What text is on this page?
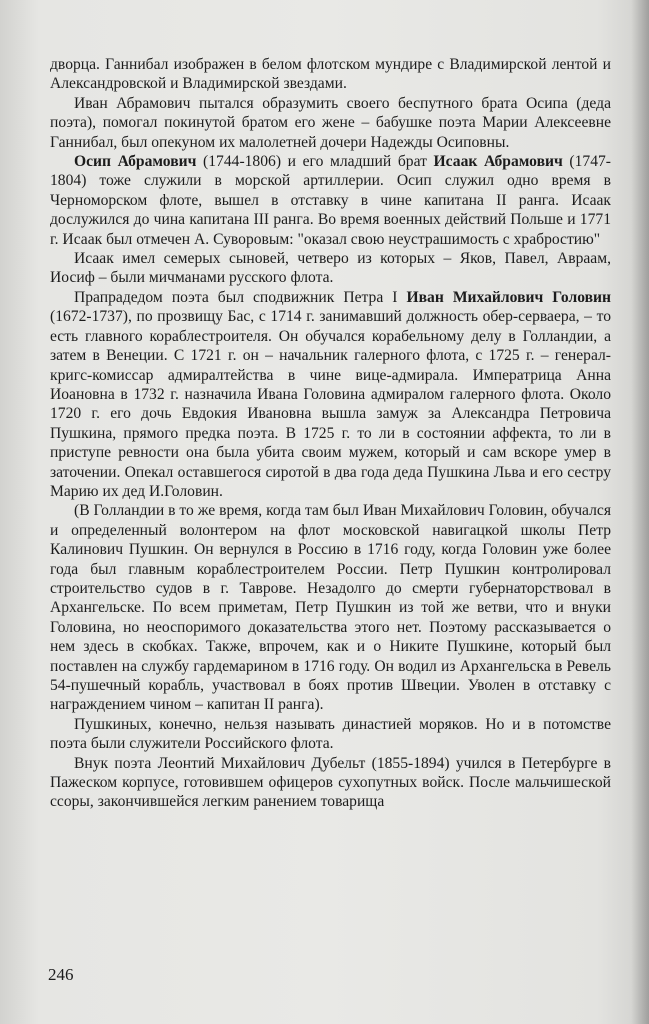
дворца. Ганнибал изображен в белом флотском мундире с Владимирской лентой и Александровской и Владимирской звездами.

Иван Абрамович пытался образумить своего беспутного брата Осипа (деда поэта), помогал покинутой братом его жене – бабушке поэта Марии Алексеевне Ганнибал, был опекуном их малолетней дочери Надежды Осиповны.

Осип Абрамович (1744-1806) и его младший брат Исаак Абрамович (1747-1804) тоже служили в морской артиллерии. Осип служил одно время в Черноморском флоте, вышел в отставку в чине капитана II ранга. Исаак дослужился до чина капитана III ранга. Во время военных действий Польше и 1771 г. Исаак был отмечен А. Суворовым: "оказал свою неустрашимость с храбростию"

Исаак имел семерых сыновей, четверо из которых – Яков, Павел, Авраам, Иосиф – были мичманами русского флота.

Прапрадедом поэта был сподвижник Петра I Иван Михайлович Головин (1672-1737), по прозвищу Бас, с 1714 г. занимавший должность обер-серваера, – то есть главного кораблестроителя. Он обучался корабельному делу в Голландии, а затем в Венеции. С 1721 г. он – начальник галерного флота, с 1725 г. – генерал-кригс-комиссар адмиралтейства в чине вице-адмирала. Императрица Анна Иоановна в 1732 г. назначила Ивана Головина адмиралом галерного флота. Около 1720 г. его дочь Евдокия Ивановна вышла замуж за Александра Петровича Пушкина, прямого предка поэта. В 1725 г. то ли в состоянии аффекта, то ли в приступе ревности она была убита своим мужем, который и сам вскоре умер в заточении. Опекал оставшегося сиротой в два года деда Пушкина Льва и его сестру Марию их дед И.Головин.

(В Голландии в то же время, когда там был Иван Михайлович Головин, обучался и определенный волонтером на флот московской навигацкой школы Петр Калинович Пушкин. Он вернулся в Россию в 1716 году, когда Головин уже более года был главным кораблестроителем России. Петр Пушкин контролировал строительство судов в г. Таврове. Незадолго до смерти губернаторствовал в Архангельске. По всем приметам, Петр Пушкин из той же ветви, что и внуки Головина, но неоспоримого доказательства этого нет. Поэтому рассказывается о нем здесь в скобках. Также, впрочем, как и о Никите Пушкине, который был поставлен на службу гардемарином в 1716 году. Он водил из Архангельска в Ревель 54-пушечный корабль, участвовал в боях против Швеции. Уволен в отставку с награждением чином – капитан II ранга).

Пушкиных, конечно, нельзя называть династией моряков. Но и в потомстве поэта были служители Российского флота.

Внук поэта Леонтий Михайлович Дубельт (1855-1894) учился в Петербурге в Пажеском корпусе, готовившем офицеров сухопутных войск. После мальчишеской ссоры, закончившейся легким ранением товарища

246
